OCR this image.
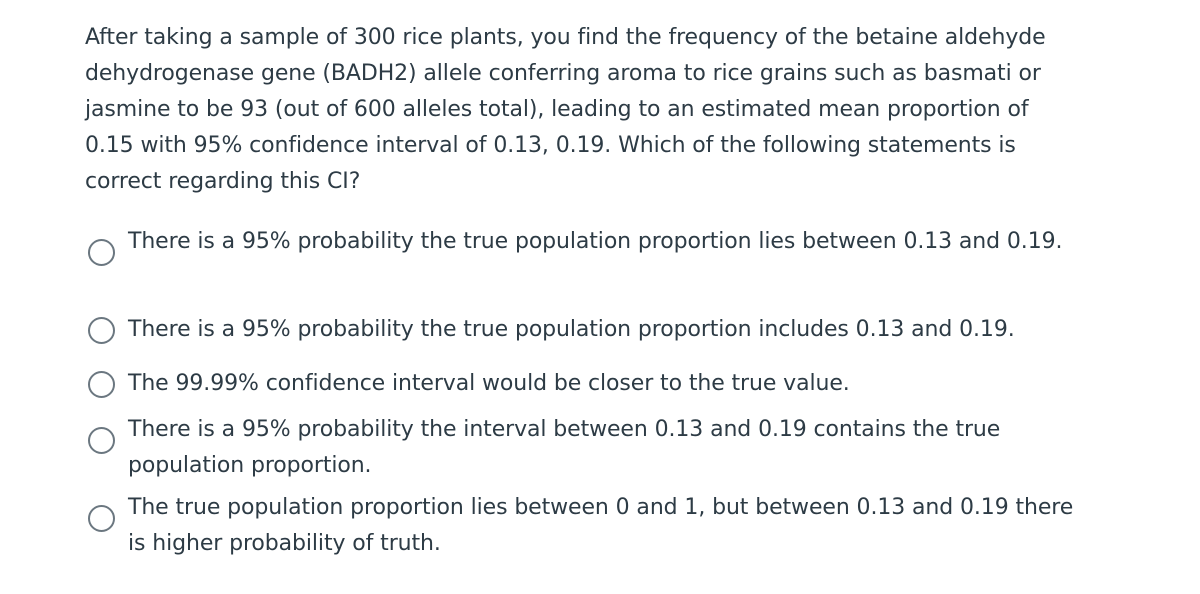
After taking a sample of 300 rice plants, you find the frequency of the betaine aldehyde dehydrogenase gene (BADH2) allele conferring aroma to rice grains such as basmati or jasmine to be 93 (out of 600 alleles total), leading to an estimated mean proportion of 0.15 with 95% confidence interval of 0.13, 0.19. Which of the following statements is correct regarding this CI?
There is a 95% probability the true population proportion lies between 0.13 and 0.19.
There is a 95% probability the true population proportion includes 0.13 and 0.19.
The 99.99% confidence interval would be closer to the true value.
There is a 95% probability the interval between 0.13 and 0.19 contains the true population proportion.
The true population proportion lies between 0 and 1, but between 0.13 and 0.19 there is higher probability of truth.
